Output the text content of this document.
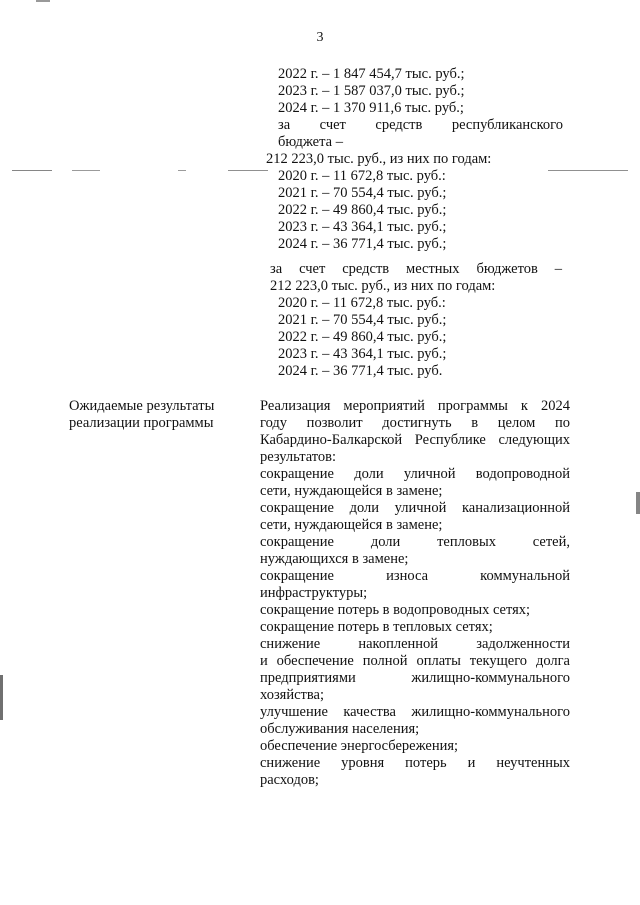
3
2022 г. – 1 847 454,7 тыс. руб.;
2023 г. – 1 587 037,0 тыс. руб.;
2024 г. – 1 370 911,6 тыс. руб.;
за счет средств республиканского
бюджета –
212 223,0 тыс. руб., из них по годам:
2020 г. – 11 672,8 тыс. руб.:
2021 г. – 70 554,4 тыс. руб.;
2022 г. – 49 860,4 тыс. руб.;
2023 г. – 43 364,1 тыс. руб.;
2024 г. – 36 771,4 тыс. руб.;
за счет средств местных бюджетов –
212 223,0 тыс. руб., из них по годам:
2020 г. – 11 672,8 тыс. руб.:
2021 г. – 70 554,4 тыс. руб.;
2022 г. – 49 860,4 тыс. руб.;
2023 г. – 43 364,1 тыс. руб.;
2024 г. – 36 771,4 тыс. руб.
Ожидаемые результаты
реализации программы
Реализация мероприятий программы к 2024
году позволит достигнуть в целом по
Кабардино-Балкарской Республике следующих
результатов:
сокращение доли уличной водопроводной
сети, нуждающейся в замене;
сокращение доли уличной канализационной
сети, нуждающейся в замене;
сокращение доли тепловых сетей,
нуждающихся в замене;
сокращение износа коммунальной
инфраструктуры;
сокращение потерь в водопроводных сетях;
сокращение потерь в тепловых сетях;
снижение накопленной задолженности
и обеспечение полной оплаты текущего долга
предприятиями жилищно-коммунального
хозяйства;
улучшение качества жилищно-коммунального
обслуживания населения;
обеспечение энергосбережения;
снижение уровня потерь и неучтенных
расходов;
